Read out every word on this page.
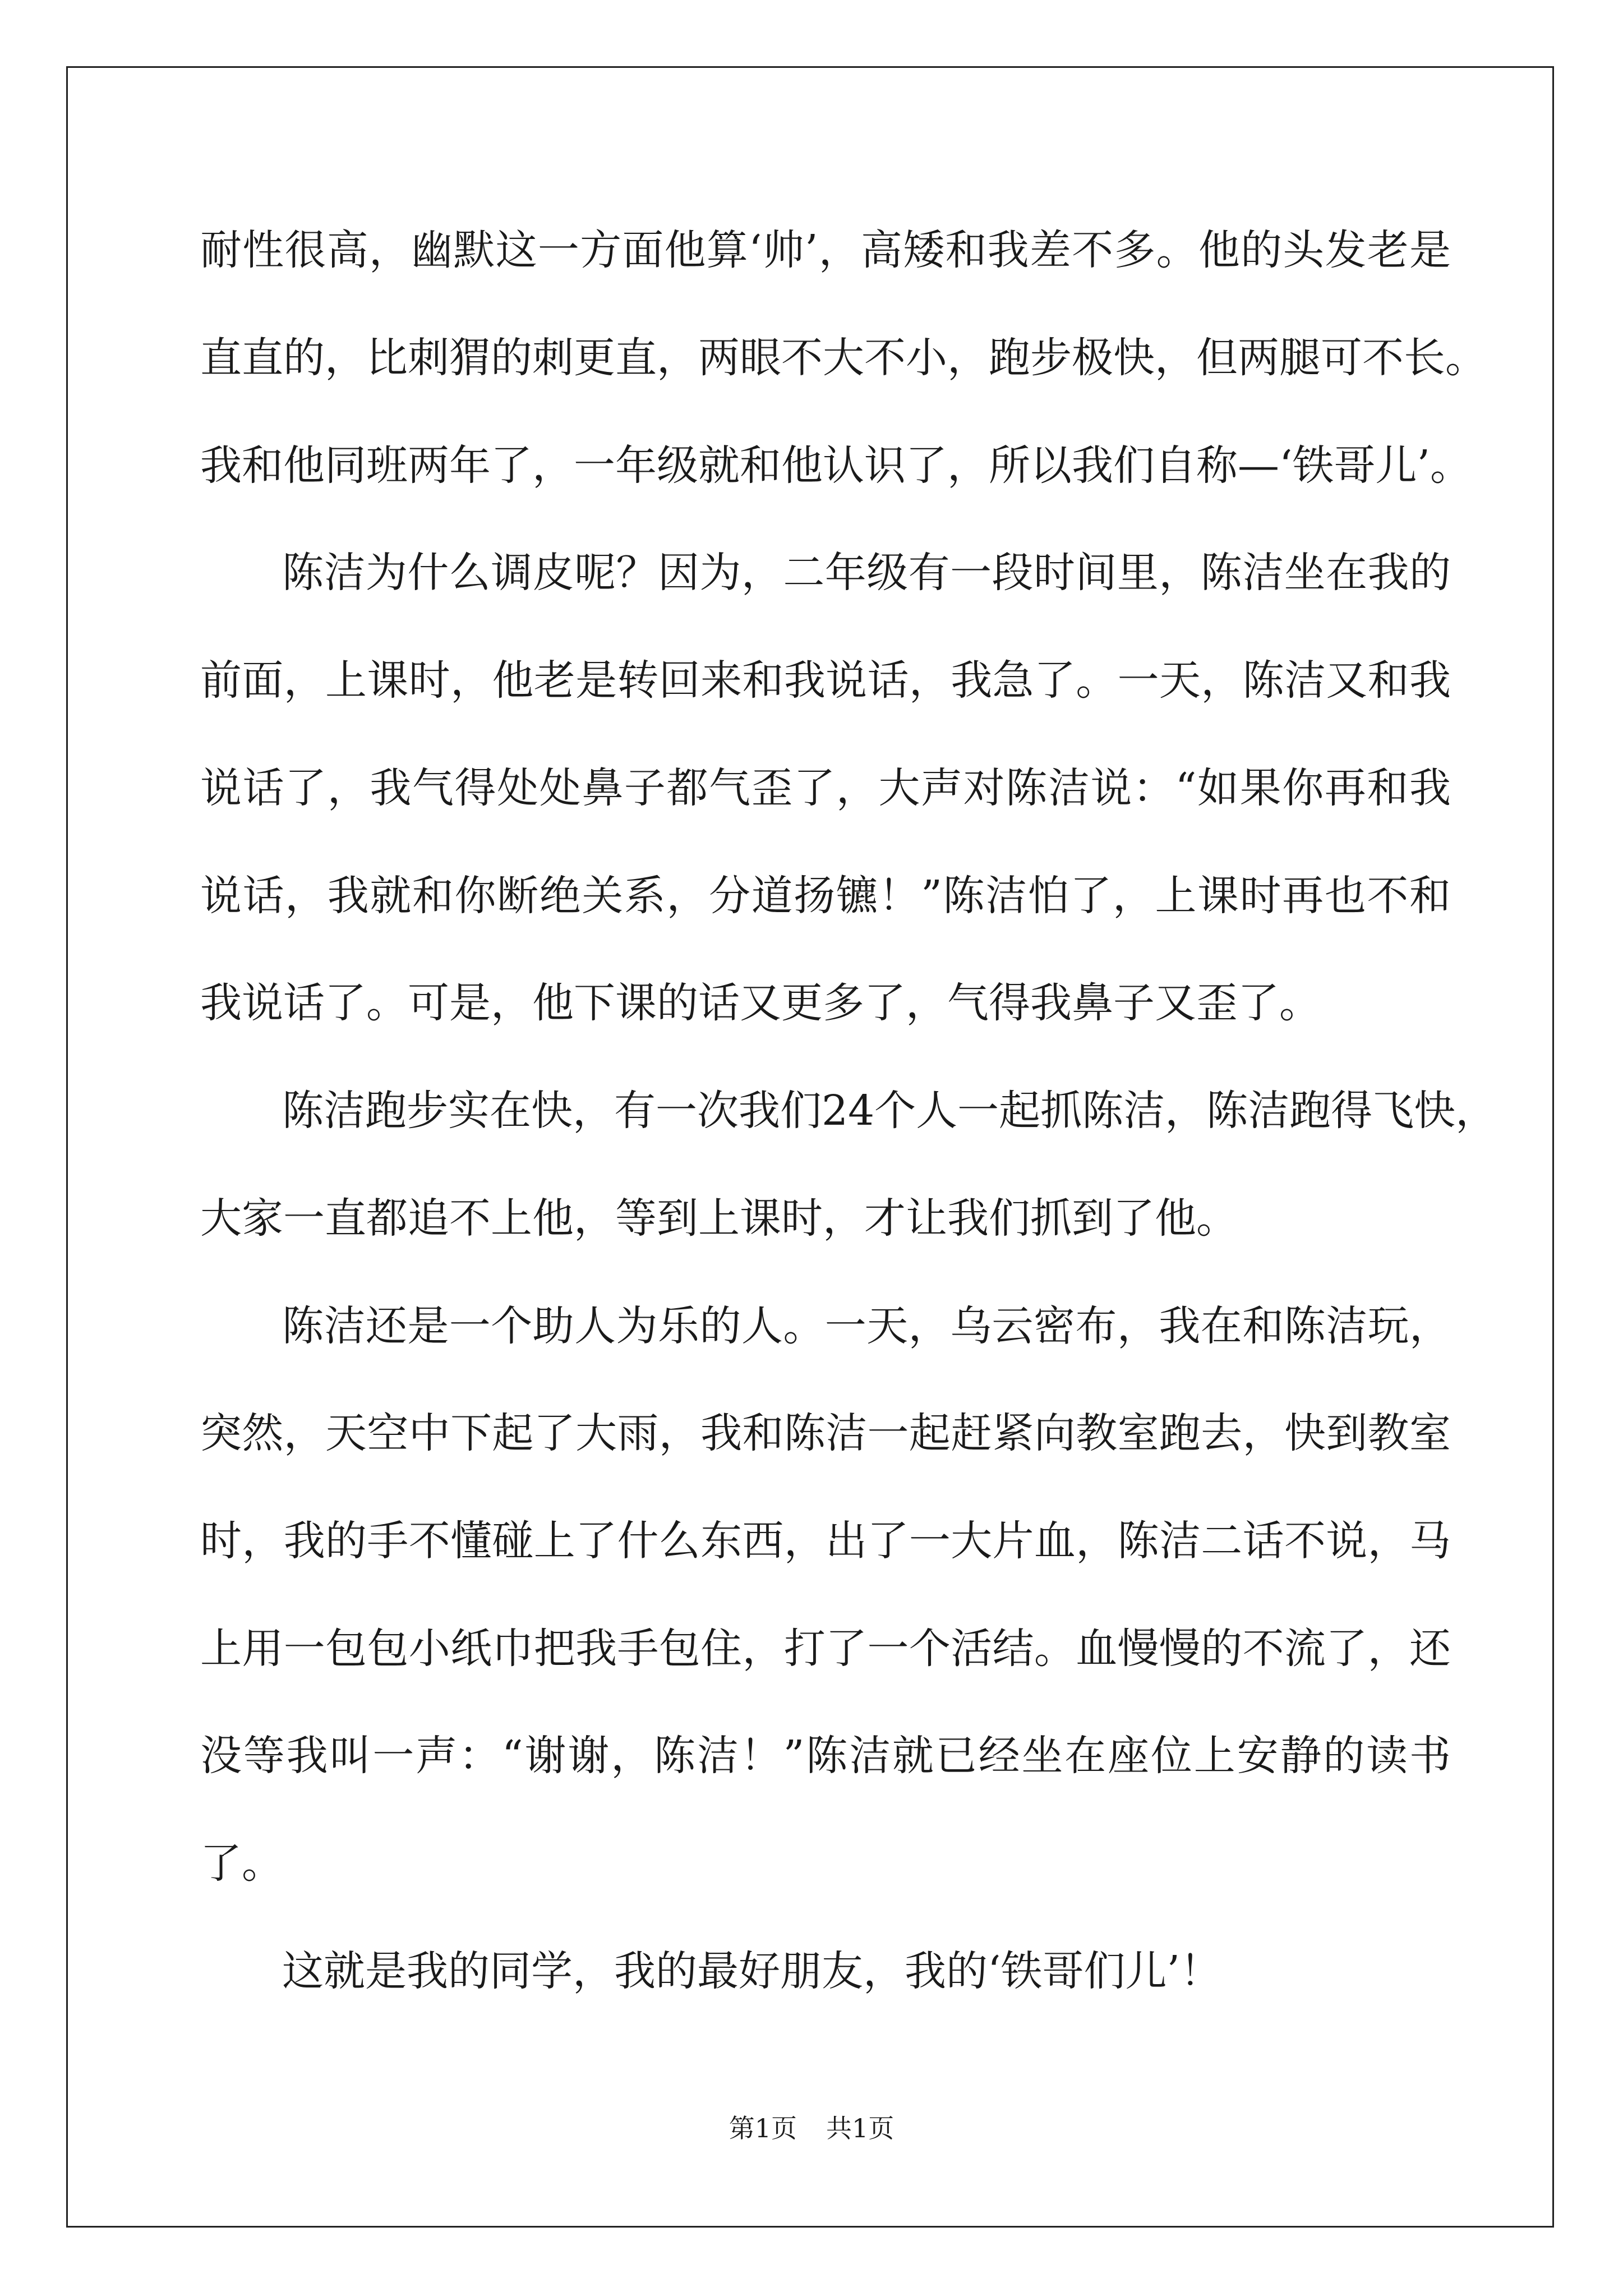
耐性很高，幽默这一方面他算‘帅’，高矮和我差不多。他的头发老是
直直的，比刺猬的刺更直，两眼不大不小，跑步极快，但两腿可不长。
我和他同班两年了，一年级就和他认识了，所以我们自称—‘铁哥儿’。
陈洁为什么调皮呢？因为，二年级有一段时间里，陈洁坐在我的
前面，上课时，他老是转回来和我说话，我急了。一天，陈洁又和我
说话了，我气得处处鼻子都气歪了，大声对陈洁说：“如果你再和我
说话，我就和你断绝关系，分道扬镳！”陈洁怕了，上课时再也不和
我说话了。可是，他下课的话又更多了，气得我鼻子又歪了。
陈洁跑步实在快，有一次我们24个人一起抓陈洁，陈洁跑得飞快，
大家一直都追不上他，等到上课时，才让我们抓到了他。
陈洁还是一个助人为乐的人。一天，乌云密布，我在和陈洁玩，
突然，天空中下起了大雨，我和陈洁一起赶紧向教室跑去，快到教室
时，我的手不懂碰上了什么东西，出了一大片血，陈洁二话不说，马
上用一包包小纸巾把我手包住，打了一个活结。血慢慢的不流了，还
没等我叫一声：“谢谢，陈洁！”陈洁就已经坐在座位上安静的读书
了。
这就是我的同学，我的最好朋友，我的‘铁哥们儿’！
第1页 共1页
